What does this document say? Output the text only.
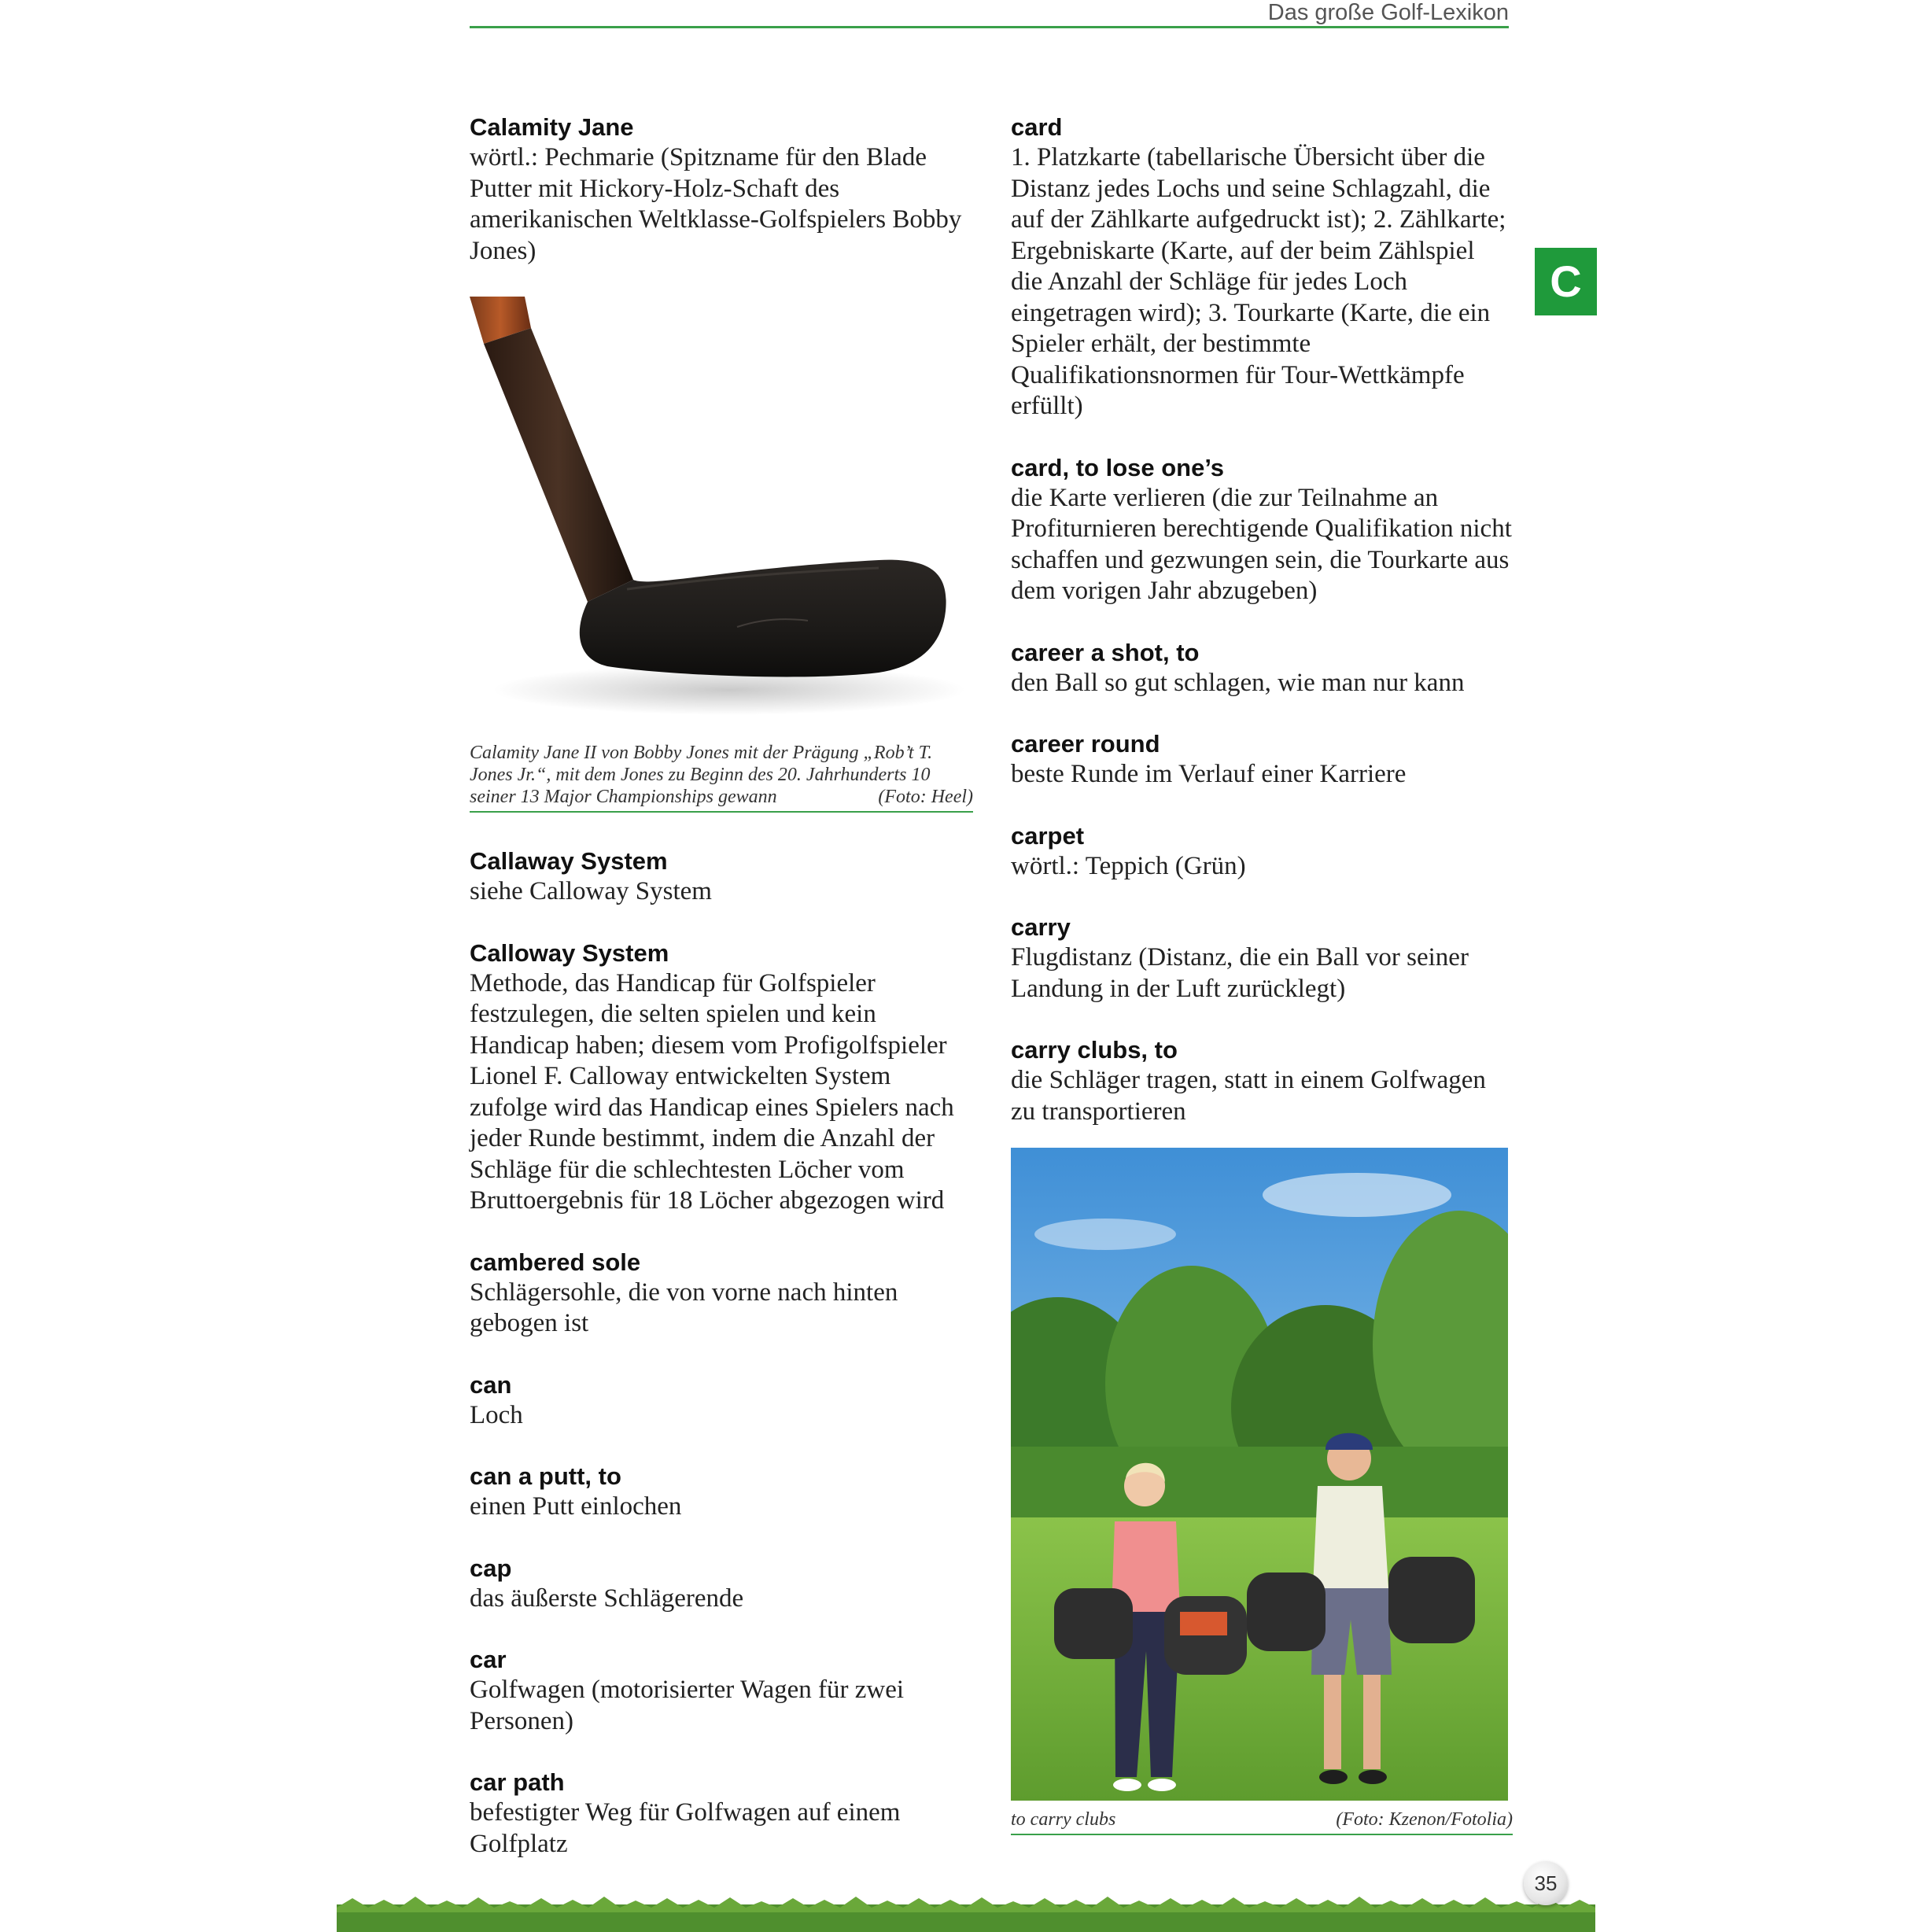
Das große Golf-Lexikon
C
Calamity Jane
wörtl.: Pechmarie (Spitzname für den Blade Putter mit Hickory-Holz-Schaft des amerikanischen Weltklasse-Golfspielers Bobby Jones)
Calamity Jane II von Bobby Jones mit der Prägung „Rob’t T. Jones Jr.“, mit dem Jones zu Beginn des 20. Jahrhunderts 10 seiner 13 Major Championships gewann	(Foto: Heel)
Callaway System
siehe Calloway System
Calloway System
Methode, das Handicap für Golfspieler festzulegen, die selten spielen und kein Handicap haben; diesem vom Profigolfspieler Lionel F. Calloway entwickelten System zufolge wird das Handicap eines Spielers nach jeder Runde bestimmt, indem die Anzahl der Schläge für die schlechtesten Löcher vom Bruttoergebnis für 18 Löcher abgezogen wird
cambered sole
Schlägersohle, die von vorne nach hinten gebogen ist
can
Loch
can a putt, to
einen Putt einlochen
cap
das äußerste Schlägerende
car
Golfwagen (motorisierter Wagen für zwei Personen)
car path
befestigter Weg für Golfwagen auf einem Golfplatz
card
1. Platzkarte (tabellarische Übersicht über die Distanz jedes Lochs und seine Schlagzahl, die auf der Zählkarte aufgedruckt ist); 2. Zählkarte; Ergebniskarte (Karte, auf der beim Zählspiel die Anzahl der Schläge für jedes Loch eingetragen wird); 3. Tourkarte (Karte, die ein Spieler erhält, der bestimmte Qualifikationsnormen für Tour-Wettkämpfe erfüllt)
card, to lose one’s
die Karte verlieren (die zur Teilnahme an Profiturnieren berechtigende Qualifikation nicht schaffen und gezwungen sein, die Tourkarte aus dem vorigen Jahr abzugeben)
career a shot, to
den Ball so gut schlagen, wie man nur kann
career round
beste Runde im Verlauf einer Karriere
carpet
wörtl.: Teppich (Grün)
carry
Flugdistanz (Distanz, die ein Ball vor seiner Landung in der Luft zurücklegt)
carry clubs, to
die Schläger tragen, statt in einem Golfwagen zu transportieren
to carry clubs	(Foto: Kzenon/Fotolia)
35
